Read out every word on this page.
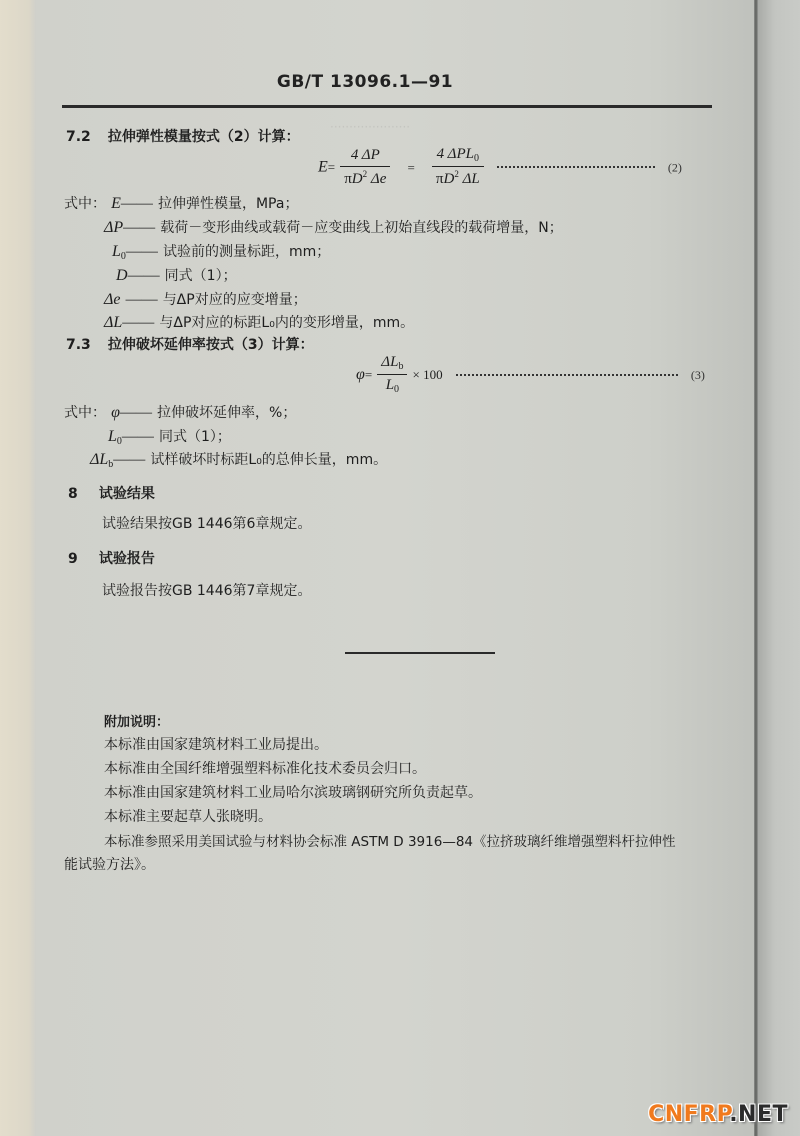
·····················
GB/T 13096.1—91
7.2 拉伸弹性模量按式（2）计算：
$E= \frac{4 \Delta P}{\pi D^2 \Delta e} = \frac{4 \Delta PL_0}{\pi D^2 \Delta L}$	(2)
式中： E—— 拉伸弹性模量，MPa；
ΔP—— 载荷－变形曲线或载荷－应变曲线上初始直线段的载荷增量，N；
$L_0——$ 试验前的测量标距，mm；
D—— 同式（1）；
Δe —— 与ΔP对应的应变增量；
ΔL—— 与ΔP对应的标距L₀内的变形增量，mm。
7.3 拉伸破坏延伸率按式（3）计算：
$\varphi= \frac{\Delta L_b}{L_0} \times 100$	(3)
式中： φ—— 拉伸破坏延伸率，%；
$L_0——$ 同式（1）；
$\Delta L_b——$ 试样破坏时标距L₀的总伸长量，mm。
8 试验结果
试验结果按GB 1446第6章规定。
9 试验报告
试验报告按GB 1446第7章规定。
附加说明：
本标准由国家建筑材料工业局提出。
本标准由全国纤维增强塑料标准化技术委员会归口。
本标准由国家建筑材料工业局哈尔滨玻璃钢研究所负责起草。
本标准主要起草人张晓明。
本标准参照采用美国试验与材料协会标准 ASTM D 3916—84《拉挤玻璃纤维增强塑料杆拉伸性
能试验方法》。
CNFRP.NET
